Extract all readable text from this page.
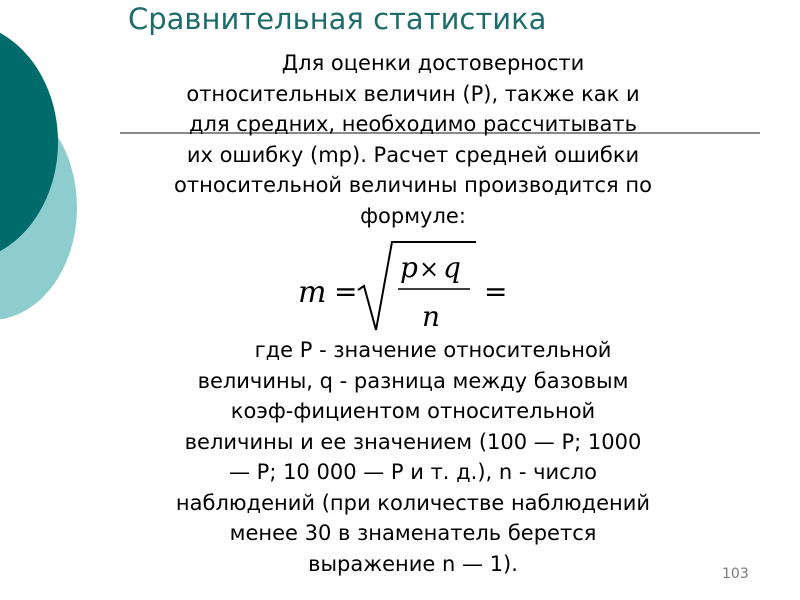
Сравнительная статистика
Для оценки достоверности
относительных величин (Р), также как и
для средних, необходимо рассчитывать
их ошибку (mp). Расчет средней ошибки
относительной величины производится по
формуле:
m =
p × q
n
=
где Р - значение относительной
величины, q - разница между базовым
коэф-фициентом относительной
величины и ее значением (100 — Р; 1000
— Р; 10 000 — Р и т. д.), n - число
наблюдений (при количестве наблюдений
менее 30 в знаменатель берется
выражение n — 1).	103
